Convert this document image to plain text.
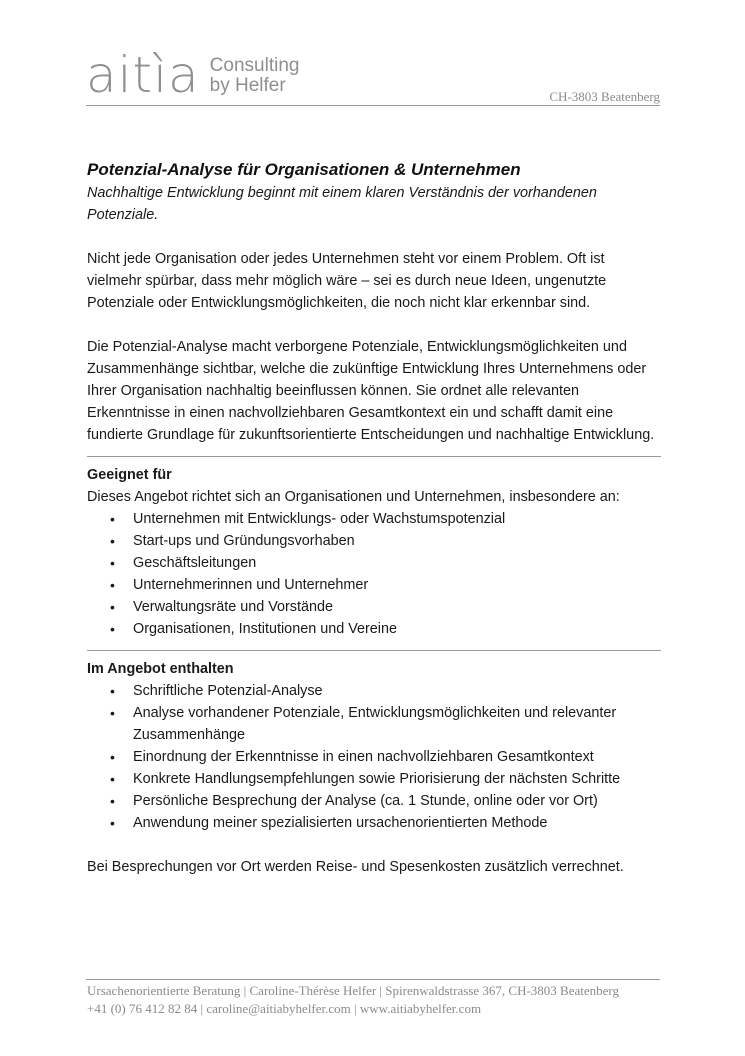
aitìa Consulting
by Helfer
CH-3803 Beatenberg
Potenzial-Analyse für Organisationen & Unternehmen

Nachhaltige Entwicklung beginnt mit einem klaren Verständnis der vorhandenen Potenziale.

Nicht jede Organisation oder jedes Unternehmen steht vor einem Problem. Oft ist vielmehr spürbar, dass mehr möglich wäre – sei es durch neue Ideen, ungenutzte Potenziale oder Entwicklungsmöglichkeiten, die noch nicht klar erkennbar sind.

Die Potenzial-Analyse macht verborgene Potenziale, Entwicklungsmöglichkeiten und Zusammenhänge sichtbar, welche die zukünftige Entwicklung Ihres Unternehmens oder Ihrer Organisation nachhaltig beeinflussen können. Sie ordnet alle relevanten Erkenntnisse in einen nachvollziehbaren Gesamtkontext ein und schafft damit eine fundierte Grundlage für zukunftsorientierte Entscheidungen und nachhaltige Entwicklung.

Geeignet für

Dieses Angebot richtet sich an Organisationen und Unternehmen, insbesondere an:

• Unternehmen mit Entwicklungs- oder Wachstumspotenzial
• Start-ups und Gründungsvorhaben
• Geschäftsleitungen
• Unternehmerinnen und Unternehmer
• Verwaltungsräte und Vorstände
• Organisationen, Institutionen und Vereine
Im Angebot enthalten
• Schriftliche Potenzial-Analyse
• Analyse vorhandener Potenziale, Entwicklungsmöglichkeiten und relevanter Zusammenhänge
• Einordnung der Erkenntnisse in einen nachvollziehbaren Gesamtkontext
• Konkrete Handlungsempfehlungen sowie Priorisierung der nächsten Schritte
• Persönliche Besprechung der Analyse (ca. 1 Stunde, online oder vor Ort)
• Anwendung meiner spezialisierten ursachenorientierten Methode

Bei Besprechungen vor Ort werden Reise- und Spesenkosten zusätzlich verrechnet.

Ursachenorientierte Beratung | Caroline-Thérèse Helfer | Spirenwaldstrasse 367, CH-3803 Beatenberg
+41 (0) 76 412 82 84 | caroline@aitiabyhelfer.com | www.aitiabyhelfer.com
